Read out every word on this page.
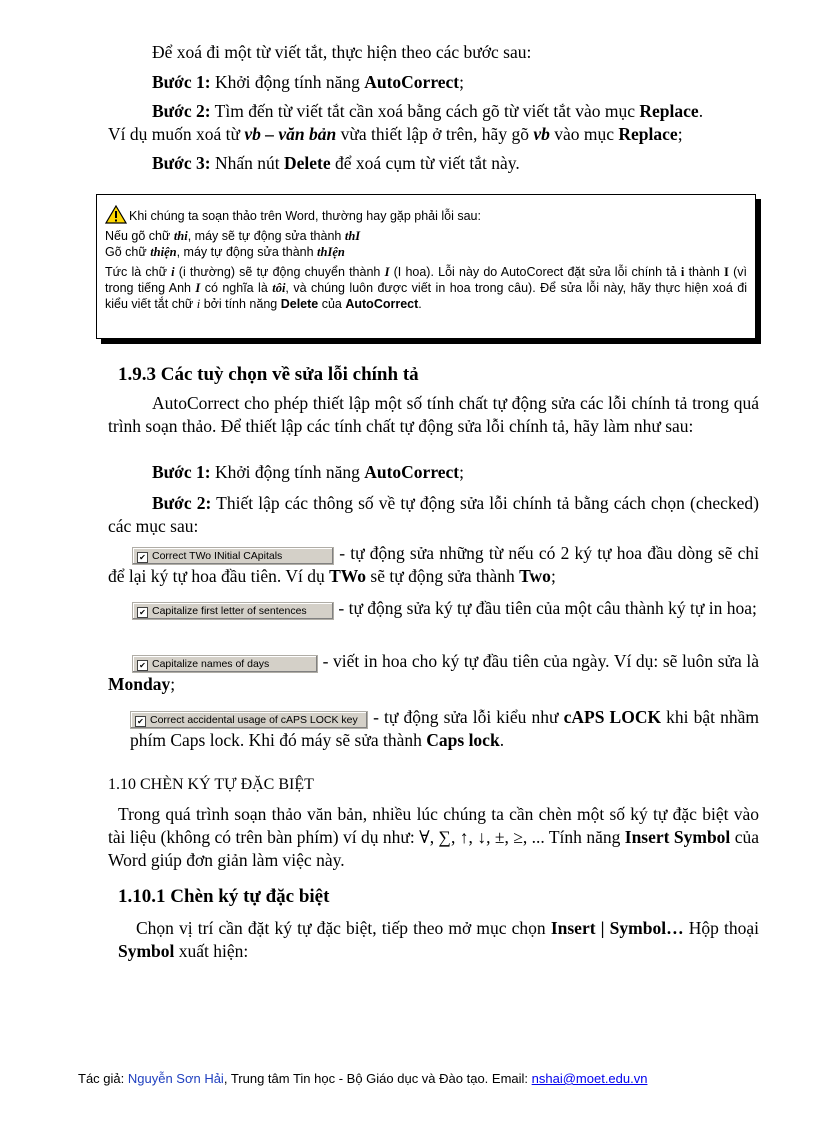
Để xoá đi một từ viết tắt, thực hiện theo các bước sau:
Bước 1: Khởi động tính năng AutoCorrect;
Bước 2: Tìm đến từ viết tắt cần xoá bằng cách gõ từ viết tắt vào mục Replace.
Ví dụ muốn xoá từ vb – văn bản vừa thiết lập ở trên, hãy gõ vb vào mục Replace;
Bước 3: Nhấn nút Delete để xoá cụm từ viết tắt này.
Khi chúng ta soạn thảo trên Word, thường hay gặp phải lỗi sau:
Nếu gõ chữ thi, máy sẽ tự động sửa thành thI
Gõ chữ thiện, máy tự động sửa thành thIện
Tức là chữ i (i thường) sẽ tự động chuyển thành I (I hoa). Lỗi này do AutoCorect đặt sửa lỗi chính tả i thành I (vì trong tiếng Anh I có nghĩa là tôi, và chúng luôn được viết in hoa trong câu). Để sửa lỗi này, hãy thực hiện xoá đi kiểu viết tắt chữ i bởi tính năng Delete của AutoCorrect.
1.9.3 Các tuỳ chọn về sửa lỗi chính tả
AutoCorrect cho phép thiết lập một số tính chất tự động sửa các lỗi chính tả trong quá trình soạn thảo. Để thiết lập các tính chất tự động sửa lỗi chính tả, hãy làm như sau:
Bước 1: Khởi động tính năng AutoCorrect;
Bước 2: Thiết lập các thông số về tự động sửa lỗi chính tả bằng cách chọn (checked) các mục sau:
✔ Correct TWo INitial CApitals	- tự động sửa những từ nếu có 2 ký tự hoa đầu dòng sẽ chỉ để lại ký tự hoa đầu tiên. Ví dụ TWo sẽ tự động sửa thành Two;
✔ Capitalize first letter of sentences - tự động sửa ký tự đầu tiên của một câu thành ký tự in hoa;
✔ Capitalize names of days	- viết in hoa cho ký tự đầu tiên của ngày. Ví dụ: sẽ luôn sửa là Monday;
✔ Correct accidental usage of cAPS LOCK key - tự động sửa lỗi kiểu như cAPS LOCK khi bật nhầm phím Caps lock. Khi đó máy sẽ sửa thành Caps lock.
1.10 CHÈN KÝ TỰ ĐẶC BIỆT
Trong quá trình soạn thảo văn bản, nhiều lúc chúng ta cần chèn một số ký tự đặc biệt vào tài liệu (không có trên bàn phím) ví dụ như: ∀, ∑, ↑, ↓, ±, ≥, ... Tính năng Insert Symbol của Word giúp đơn giản làm việc này.
1.10.1 Chèn ký tự đặc biệt
Chọn vị trí cần đặt ký tự đặc biệt, tiếp theo mở mục chọn Insert | Symbol… Hộp thoại Symbol xuất hiện:
Tác giả: Nguyễn Sơn Hải, Trung tâm Tin học - Bộ Giáo dục và Đào tạo. Email: nshai@moet.edu.vn
